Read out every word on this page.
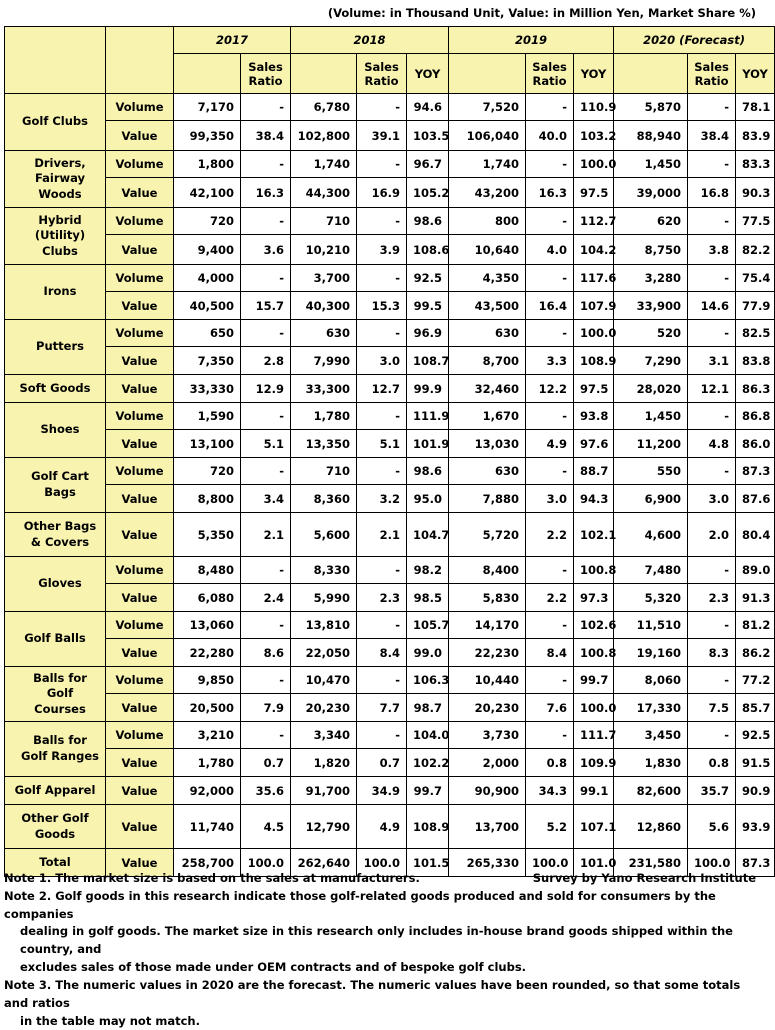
(Volume: in Thousand Unit, Value: in Million Yen, Market Share %)
		2017		2018			2019			2020 (Forecast)		
			Sales Ratio		Sales Ratio	YOY		Sales Ratio	YOY		Sales Ratio	YOY
Golf Clubs	Volume	7,170	-	6,780	-	94.6	7,520	-	110.9	5,870	-	78.1
	Value	99,350	38.4	102,800	39.1	103.5	106,040	40.0	103.2	88,940	38.4	83.9
Drivers, Fairway Woods	Volume	1,800	-	1,740	-	96.7	1,740	-	100.0	1,450	-	83.3
	Value	42,100	16.3	44,300	16.9	105.2	43,200	16.3	97.5	39,000	16.8	90.3
Hybrid (Utility) Clubs	Volume	720	-	710	-	98.6	800	-	112.7	620	-	77.5
	Value	9,400	3.6	10,210	3.9	108.6	10,640	4.0	104.2	8,750	3.8	82.2
Irons	Volume	4,000	-	3,700	-	92.5	4,350	-	117.6	3,280	-	75.4
	Value	40,500	15.7	40,300	15.3	99.5	43,500	16.4	107.9	33,900	14.6	77.9
Putters	Volume	650	-	630	-	96.9	630	-	100.0	520	-	82.5
	Value	7,350	2.8	7,990	3.0	108.7	8,700	3.3	108.9	7,290	3.1	83.8
Soft Goods	Value	33,330	12.9	33,300	12.7	99.9	32,460	12.2	97.5	28,020	12.1	86.3
Shoes	Volume	1,590	-	1,780	-	111.9	1,670	-	93.8	1,450	-	86.8
	Value	13,100	5.1	13,350	5.1	101.9	13,030	4.9	97.6	11,200	4.8	86.0
Golf Cart Bags	Volume	720	-	710	-	98.6	630	-	88.7	550	-	87.3
	Value	8,800	3.4	8,360	3.2	95.0	7,880	3.0	94.3	6,900	3.0	87.6
Other Bags & Covers	Value	5,350	2.1	5,600	2.1	104.7	5,720	2.2	102.1	4,600	2.0	80.4
Gloves	Volume	8,480	-	8,330	-	98.2	8,400	-	100.8	7,480	-	89.0
	Value	6,080	2.4	5,990	2.3	98.5	5,830	2.2	97.3	5,320	2.3	91.3
Golf Balls	Volume	13,060	-	13,810	-	105.7	14,170	-	102.6	11,510	-	81.2
	Value	22,280	8.6	22,050	8.4	99.0	22,230	8.4	100.8	19,160	8.3	86.2
Balls for Golf Courses	Volume	9,850	-	10,470	-	106.3	10,440	-	99.7	8,060	-	77.2
	Value	20,500	7.9	20,230	7.7	98.7	20,230	7.6	100.0	17,330	7.5	85.7
Balls for Golf Ranges	Volume	3,210	-	3,340	-	104.0	3,730	-	111.7	3,450	-	92.5
	Value	1,780	0.7	1,820	0.7	102.2	2,000	0.8	109.9	1,830	0.8	91.5
Golf Apparel	Value	92,000	35.6	91,700	34.9	99.7	90,900	34.3	99.1	82,600	35.7	90.9
Other Golf Goods	Value	11,740	4.5	12,790	4.9	108.9	13,700	5.2	107.1	12,860	5.6	93.9
Total	Value	258,700	100.0	262,640	100.0	101.5	265,330	100.0	101.0	231,580	100.0	87.3
Note 1. The market size is based on the sales at manufacturers.	Survey by Yano Research Institute
Note 2. Golf goods in this research indicate those golf-related goods produced and sold for consumers by the companies
dealing in golf goods. The market size in this research only includes in-house brand goods shipped within the country, and
excludes sales of those made under OEM contracts and of bespoke golf clubs.
Note 3. The numeric values in 2020 are the forecast. The numeric values have been rounded, so that some totals and ratios
in the table may not match.
